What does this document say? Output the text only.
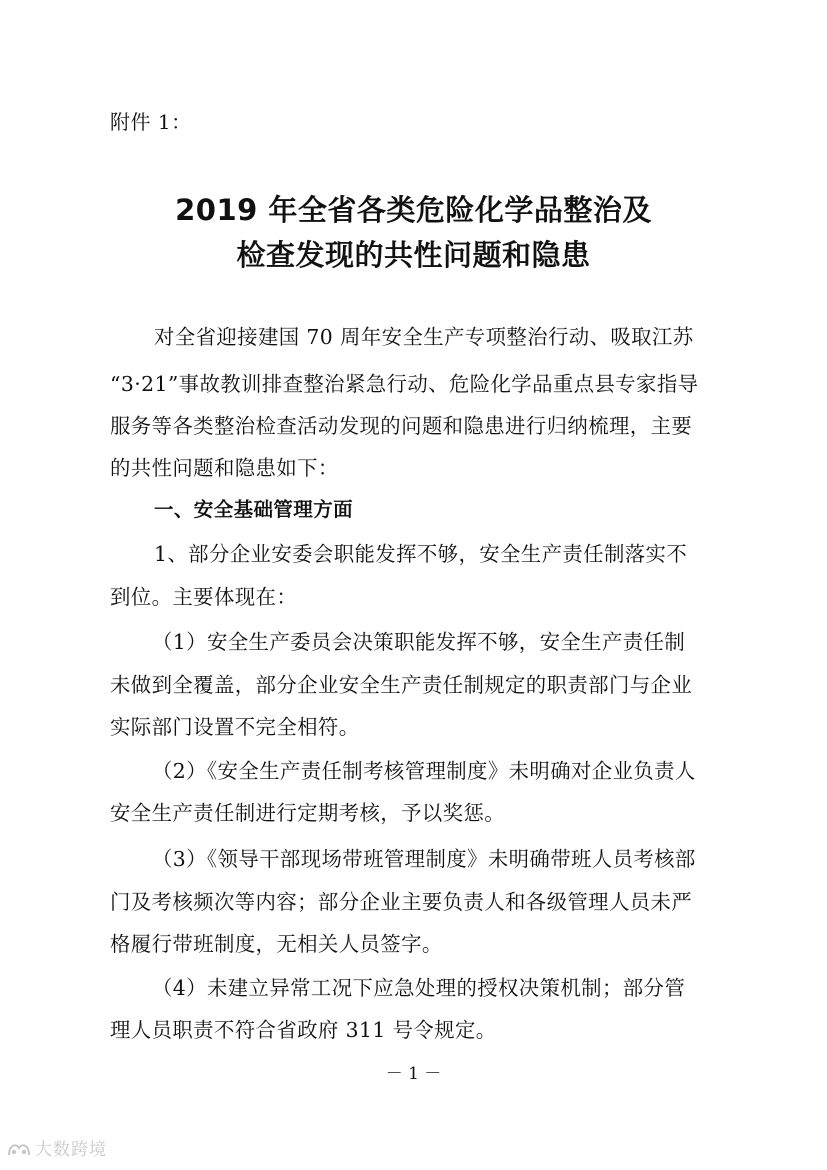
附件 1：
2019 年全省各类危险化学品整治及
检查发现的共性问题和隐患
对全省迎接建国 70 周年安全生产专项整治行动、吸取江苏
“3·21”事故教训排查整治紧急行动、危险化学品重点县专家指导
服务等各类整治检查活动发现的问题和隐患进行归纳梳理，主要
的共性问题和隐患如下：
一、安全基础管理方面
1、部分企业安委会职能发挥不够，安全生产责任制落实不
到位。主要体现在：
（1）安全生产委员会决策职能发挥不够，安全生产责任制
未做到全覆盖，部分企业安全生产责任制规定的职责部门与企业
实际部门设置不完全相符。
（2）《安全生产责任制考核管理制度》未明确对企业负责人
安全生产责任制进行定期考核，予以奖惩。
（3）《领导干部现场带班管理制度》未明确带班人员考核部
门及考核频次等内容；部分企业主要负责人和各级管理人员未严
格履行带班制度，无相关人员签字。
（4）未建立异常工况下应急处理的授权决策机制；部分管
理人员职责不符合省政府 311 号令规定。
－ 1 －
大数跨境
